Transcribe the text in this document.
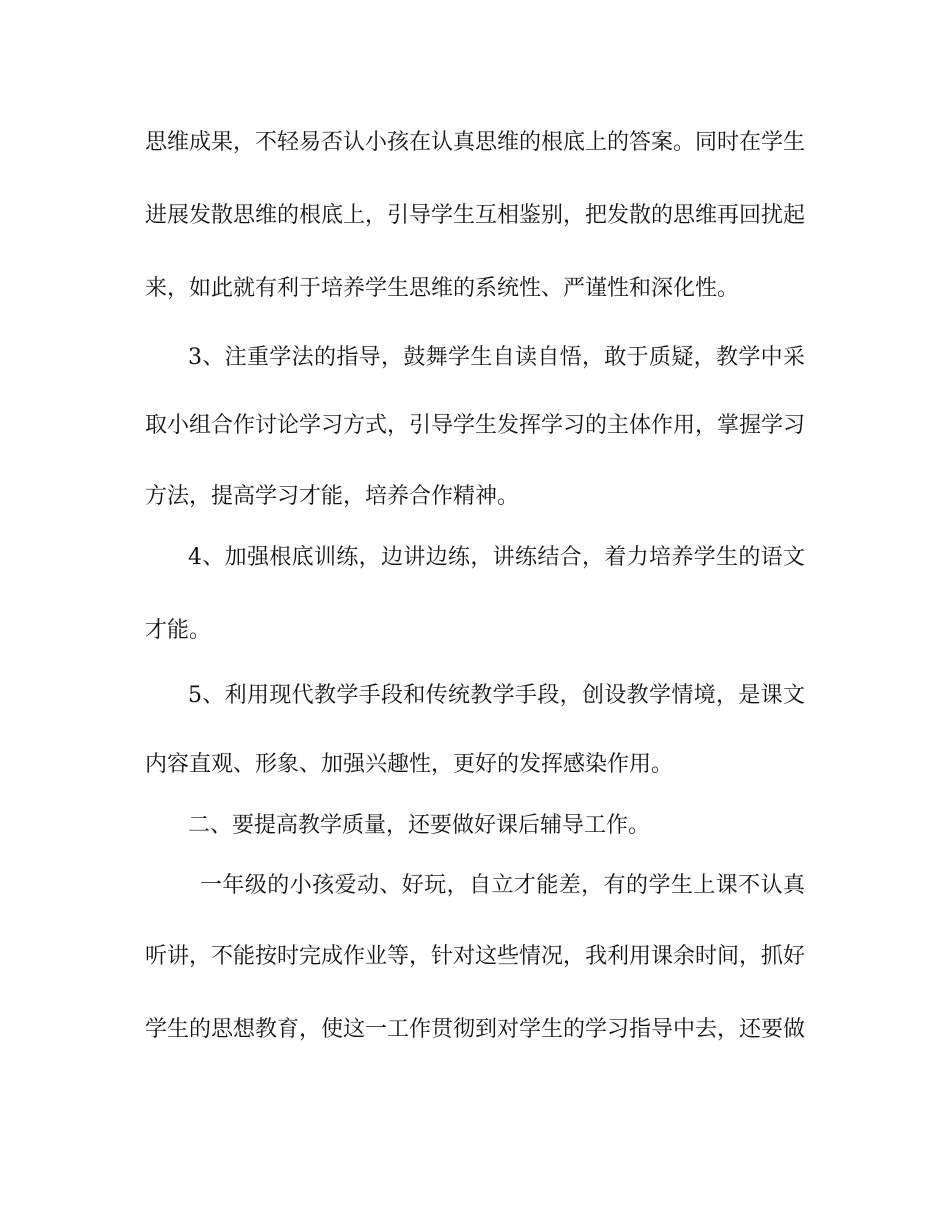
思维成果，不轻易否认小孩在认真思维的根底上的答案。同时在学生

进展发散思维的根底上，引导学生互相鉴别，把发散的思维再回扰起

来，如此就有利于培养学生思维的系统性、严谨性和深化性。

3、注重学法的指导，鼓舞学生自读自悟，敢于质疑，教学中采

取小组合作讨论学习方式，引导学生发挥学习的主体作用，掌握学习

方法，提高学习才能，培养合作精神。

4、加强根底训练，边讲边练，讲练结合，着力培养学生的语文

才能。

5、利用现代教学手段和传统教学手段，创设教学情境，是课文

内容直观、形象、加强兴趣性，更好的发挥感染作用。

二、要提高教学质量，还要做好课后辅导工作。

一年级的小孩爱动、好玩，自立才能差，有的学生上课不认真

听讲，不能按时完成作业等，针对这些情况，我利用课余时间，抓好

学生的思想教育，使这一工作贯彻到对学生的学习指导中去，还要做
